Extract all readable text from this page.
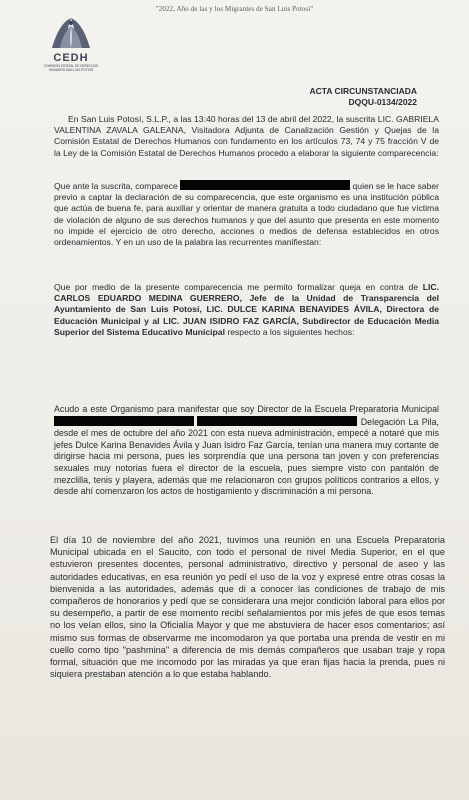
"2022, Año de las y los Migrantes de San Luis Potosí"
CEDH
COMISIÓN ESTATAL DE DERECHOS HUMANOS SAN LUIS POTOSÍ
ACTA CIRCUNSTANCIADA
DQQU-0134/2022
En San Luis Potosí, S.L.P., a las 13:40 horas del 13 de abril del 2022, la suscrita LIC. GABRIELA VALENTINA ZAVALA GALEANA, Visitadora Adjunta de Canalización Gestión y Quejas de la Comisión Estatal de Derechos Humanos con fundamento en los artículos 73, 74 y 75 fracción V de la Ley de la Comisión Estatal de Derechos Humanos procedo a elaborar la siguiente comparecencia:
Que ante la suscrita, comparece	quien se le hace saber previo a captar la declaración de su comparecencia, que este organismo es una institución pública que actúa de buena fe, para auxiliar y orientar de manera gratuita a todo ciudadano que fue víctima de violación de alguno de sus derechos humanos y que del asunto que presenta en este momento no impide el ejercicio de otro derecho, acciones o medios de defensa establecidos en otros ordenamientos. Y en un uso de la palabra las recurrentes manifiestan:
Que por medio de la presente comparecencia me permito formalizar queja en contra de LIC. CARLOS EDUARDO MEDINA GUERRERO, Jefe de la Unidad de Transparencia del Ayuntamiento de San Luis Potosí, LIC. DULCE KARINA BENAVIDES ÁVILA, Directora de Educación Municipal y al LIC. JUAN ISIDRO FAZ GARCÍA, Subdirector de Educación Media Superior del Sistema Educativo Municipal respecto a los siguientes hechos:
Acudo a este Organismo para manifestar que soy Director de la Escuela Preparatoria Municipal   Delegación La Pila, desde el mes de octubre del año 2021 con esta nueva administración, empecé a notaré que mis jefes Dulce Karina Benavides Ávila y Juan Isidro Faz García, tenían una manera muy cortante de dirigirse hacia mi persona, pues les sorprendía que una persona tan joven y con preferencias sexuales muy notorias fuera el director de la escuela, pues siempre visto con pantalón de mezclilla, tenis y playera, además que me relacionaron con grupos políticos contrarios a ellos, y desde ahí comenzaron los actos de hostigamiento y discriminación a mi persona.
El día 10 de noviembre del año 2021, tuvimos una reunión en una Escuela Preparatoria Municipal ubicada en el Saucito, con todo el personal de nivel Media Superior, en el que estuvieron presentes docentes, personal administrativo, directivo y personal de aseo y las autoridades educativas, en esa reunión yo pedí el uso de la voz y expresé entre otras cosas la bienvenida a las autoridades, además que di a conocer las condiciones de trabajo de mis compañeros de honorarios y pedí que se considerara una mejor condición laboral para ellos por su desempeño, a partir de ese momento recibí señalamientos por mis jefes de que esos temas no los veían ellos, sino la Oficialía Mayor y que me abstuviera de hacer esos comentarios; así mismo sus formas de observarme me incomodaron ya que portaba una prenda de vestir en mi cuello como tipo "pashmina" a diferencia de mis demás compañeros que usaban traje y ropa formal, situación que me incomodo por las miradas ya que eran fijas hacia la prenda, pues ni siquiera prestaban atención a lo que estaba hablando.
